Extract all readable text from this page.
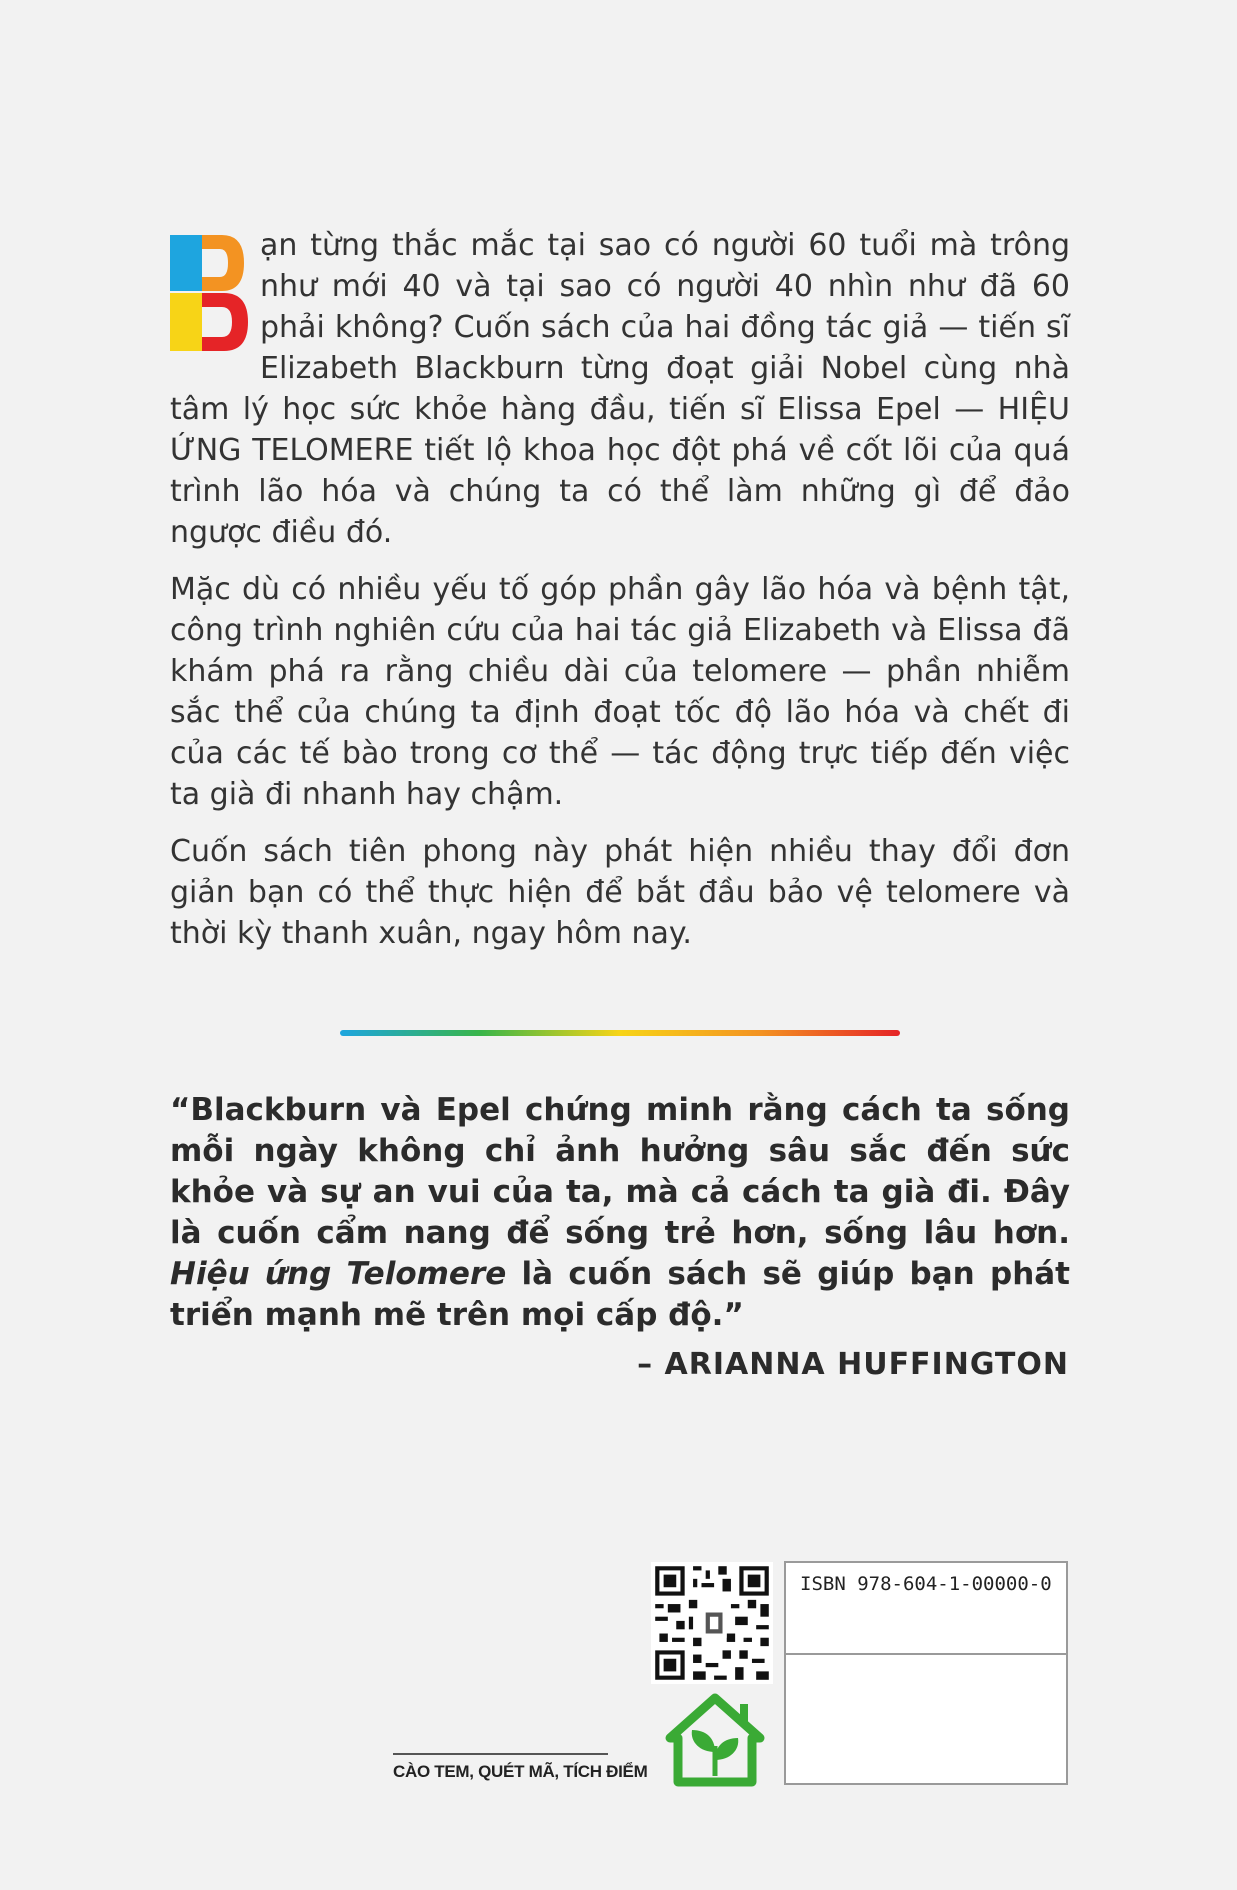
ạn từng thắc mắc tại sao có người 60 tuổi mà trông như mới 40 và tại sao có người 40 nhìn như đã 60 phải không? Cuốn sách của hai đồng tác giả — tiến sĩ Elizabeth Blackburn từng đoạt giải Nobel cùng nhà tâm lý học sức khỏe hàng đầu, tiến sĩ Elissa Epel — HIỆU ỨNG TELOMERE tiết lộ khoa học đột phá về cốt lõi của quá trình lão hóa và chúng ta có thể làm những gì để đảo ngược điều đó.

Mặc dù có nhiều yếu tố góp phần gây lão hóa và bệnh tật, công trình nghiên cứu của hai tác giả Elizabeth và Elissa đã khám phá ra rằng chiều dài của telomere — phần nhiễm sắc thể của chúng ta định đoạt tốc độ lão hóa và chết đi của các tế bào trong cơ thể — tác động trực tiếp đến việc ta già đi nhanh hay chậm.

Cuốn sách tiên phong này phát hiện nhiều thay đổi đơn giản bạn có thể thực hiện để bắt đầu bảo vệ telomere và thời kỳ thanh xuân, ngay hôm nay.

“Blackburn và Epel chứng minh rằng cách ta sống mỗi ngày không chỉ ảnh hưởng sâu sắc đến sức khỏe và sự an vui của ta, mà cả cách ta già đi. Đây là cuốn cẩm nang để sống trẻ hơn, sống lâu hơn. Hiệu ứng Telomere là cuốn sách sẽ giúp bạn phát triển mạnh mẽ trên mọi cấp độ.”
– ARIANNA HUFFINGTON
ISBN 978-604-1-00000-0
CÀO TEM, QUÉT MÃ, TÍCH ĐIỂM
